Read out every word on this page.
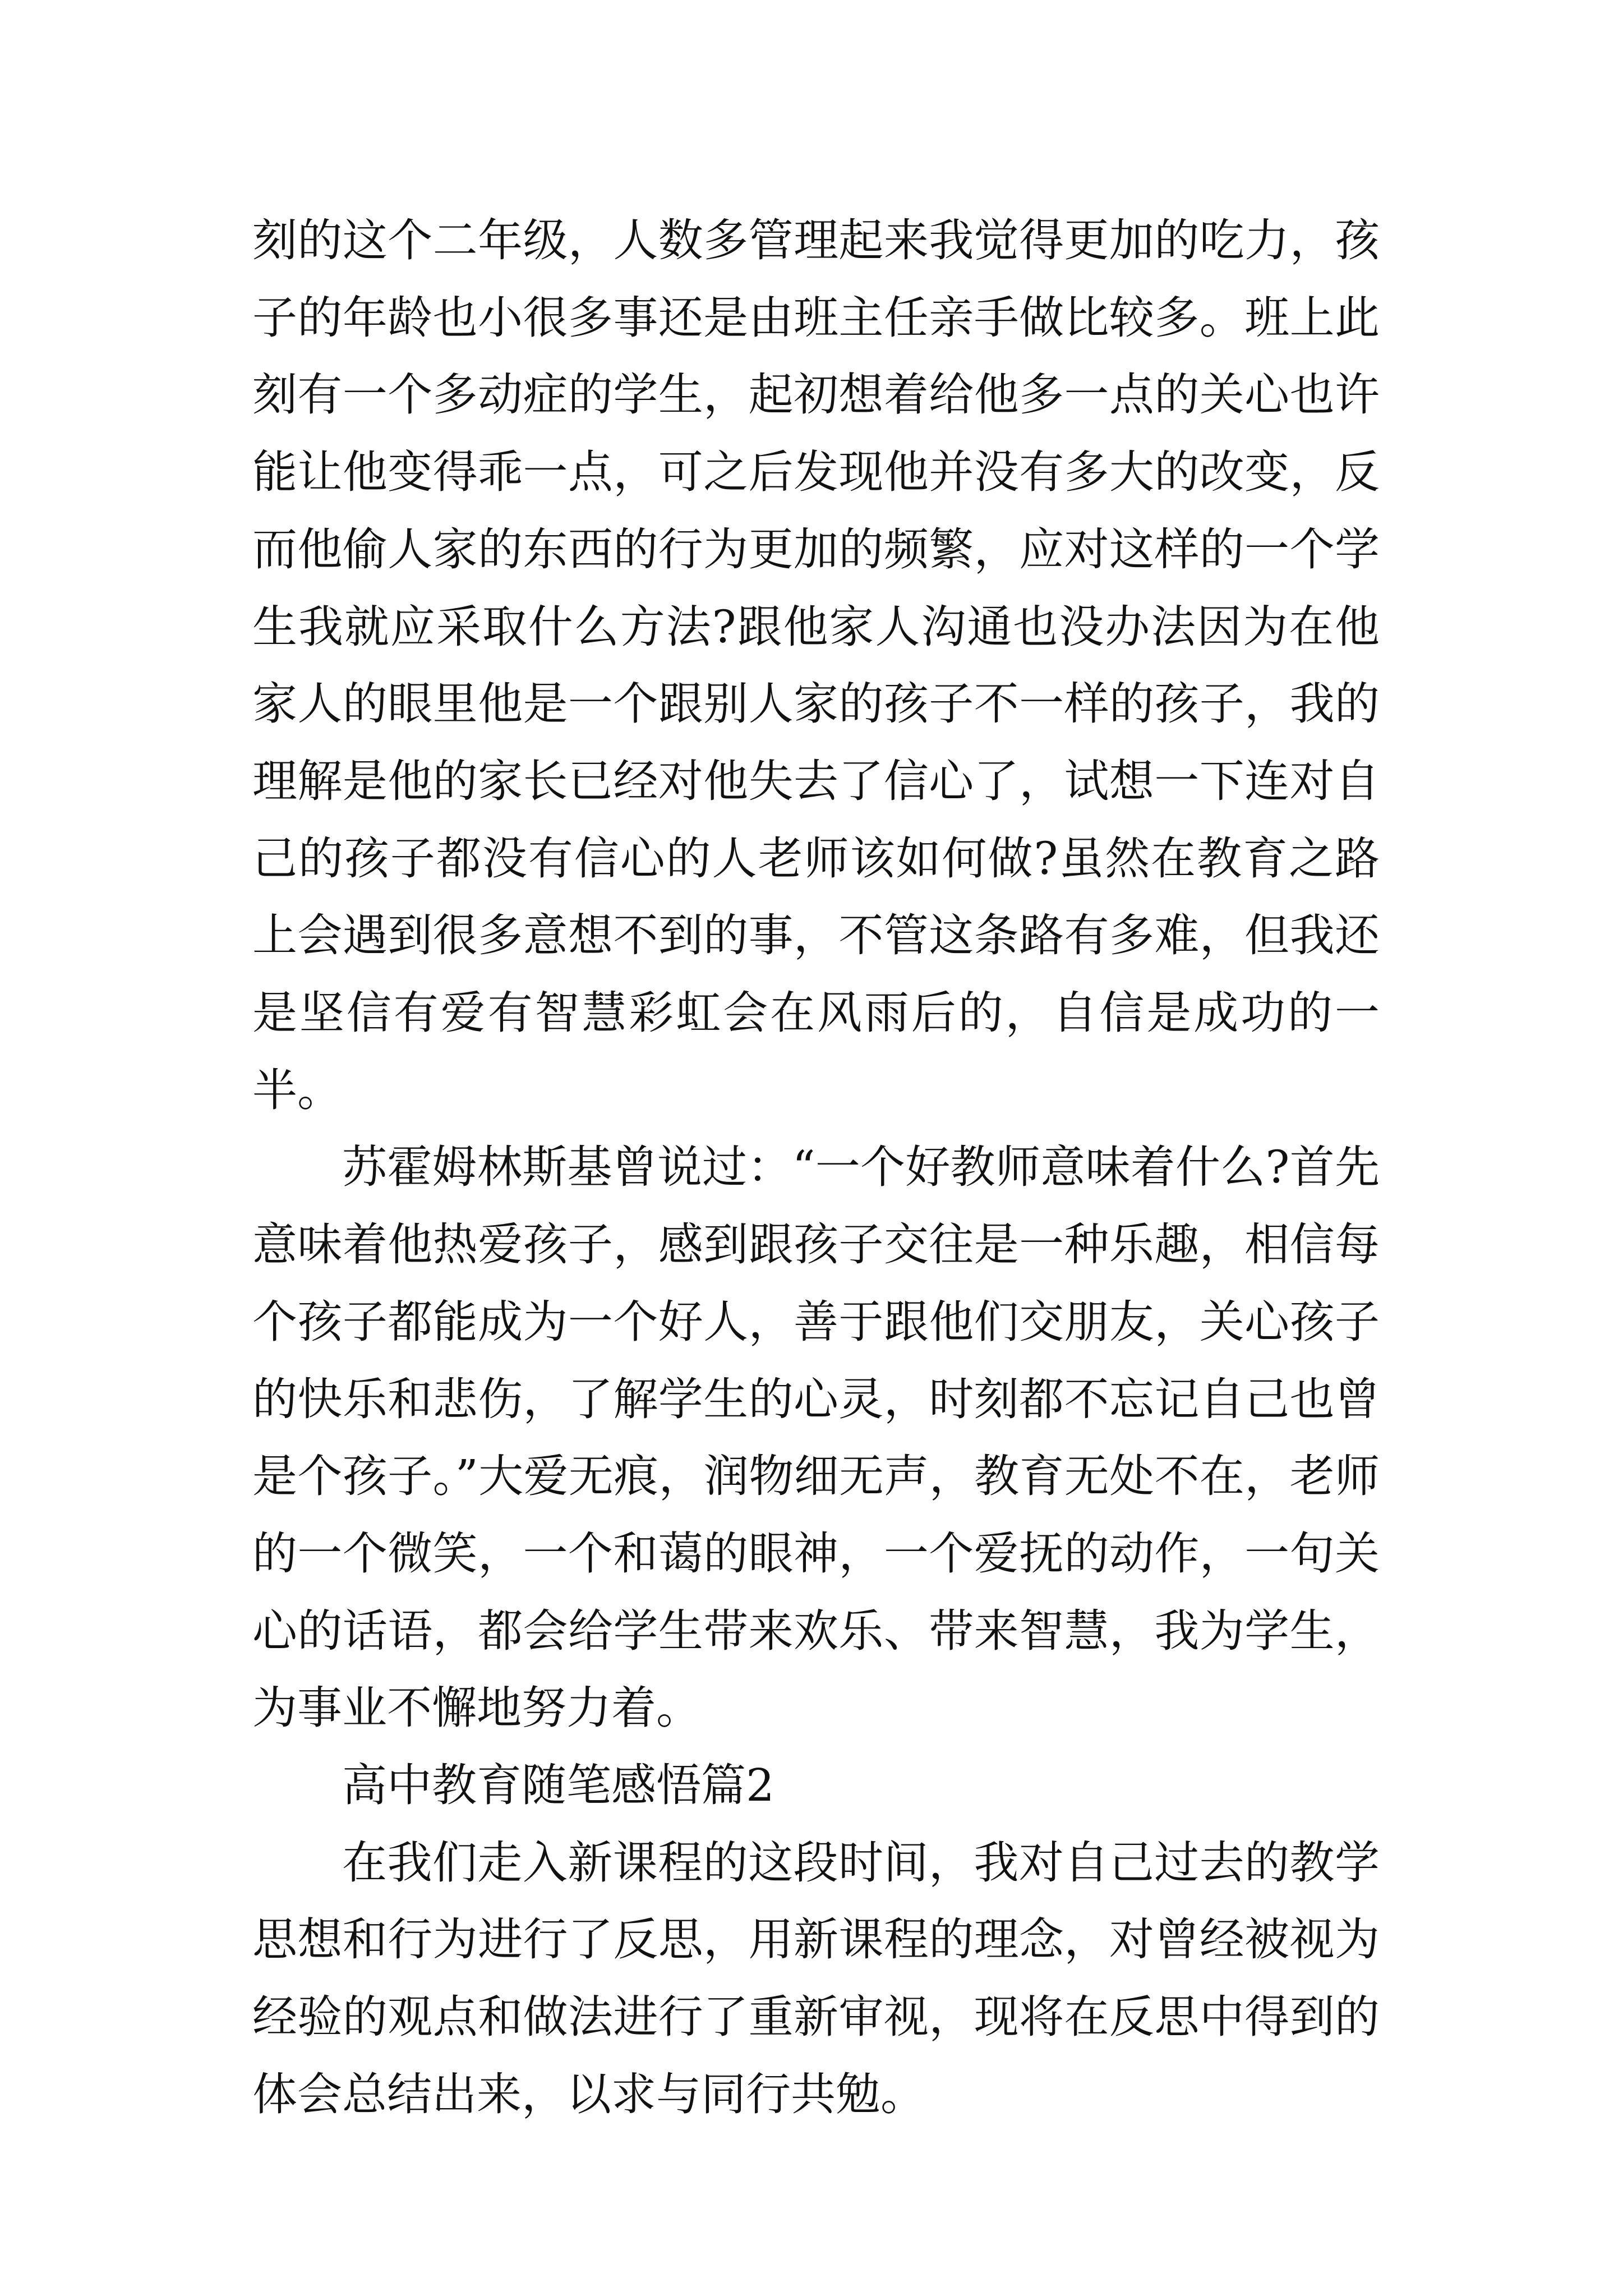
刻的这个二年级，人数多管理起来我觉得更加的吃力，孩子的年龄也小很多事还是由班主任亲手做比较多。班上此刻有一个多动症的学生，起初想着给他多一点的关心也许能让他变得乖一点，可之后发现他并没有多大的改变，反而他偷人家的东西的行为更加的频繁，应对这样的一个学生我就应采取什么方法?跟他家人沟通也没办法因为在他家人的眼里他是一个跟别人家的孩子不一样的孩子，我的理解是他的家长已经对他失去了信心了，试想一下连对自己的孩子都没有信心的人老师该如何做?虽然在教育之路上会遇到很多意想不到的事，不管这条路有多难，但我还是坚信有爱有智慧彩虹会在风雨后的，自信是成功的一半。

苏霍姆林斯基曾说过：“一个好教师意味着什么?首先意味着他热爱孩子，感到跟孩子交往是一种乐趣，相信每个孩子都能成为一个好人，善于跟他们交朋友，关心孩子的快乐和悲伤，了解学生的心灵，时刻都不忘记自己也曾是个孩子。”大爱无痕，润物细无声，教育无处不在，老师的一个微笑，一个和蔼的眼神，一个爱抚的动作，一句关心的话语，都会给学生带来欢乐、带来智慧，我为学生，为事业不懈地努力着。

高中教育随笔感悟篇2

在我们走入新课程的这段时间，我对自己过去的教学思想和行为进行了反思，用新课程的理念，对曾经被视为经验的观点和做法进行了重新审视，现将在反思中得到的体会总结出来，以求与同行共勉。
